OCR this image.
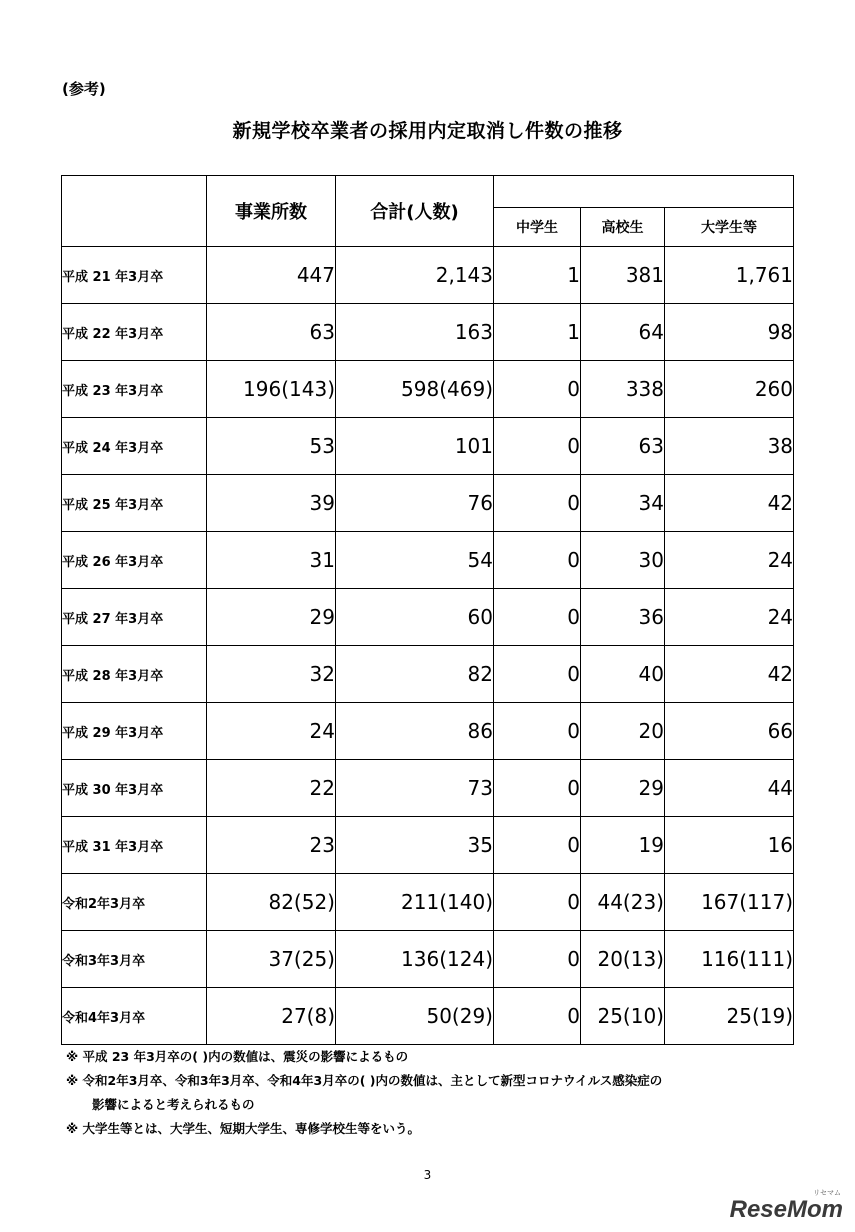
(参考)
新規学校卒業者の採用内定取消し件数の推移
	事業所数	合計(人数)			
			中学生	高校生	大学生等
平成 21 年3月卒	447	2,143	1	381	1,761
平成 22 年3月卒	63	163	1	64	98
平成 23 年3月卒	196(143)	598(469)	0	338	260
平成 24 年3月卒	53	101	0	63	38
平成 25 年3月卒	39	76	0	34	42
平成 26 年3月卒	31	54	0	30	24
平成 27 年3月卒	29	60	0	36	24
平成 28 年3月卒	32	82	0	40	42
平成 29 年3月卒	24	86	0	20	66
平成 30 年3月卒	22	73	0	29	44
平成 31 年3月卒	23	35	0	19	16
令和2年3月卒	82(52)	211(140)	0	44(23)	167(117)
令和3年3月卒	37(25)	136(124)	0	20(13)	116(111)
令和4年3月卒	27(8)	50(29)	0	25(10)	25(19)
※ 平成 23 年3月卒の( )内の数値は、震災の影響によるもの
※ 令和2年3月卒、令和3年3月卒、令和4年3月卒の( )内の数値は、主として新型コロナウイルス感染症の
影響によると考えられるもの
※ 大学生等とは、大学生、短期大学生、専修学校生等をいう。
3
ReseMom
リセマム
